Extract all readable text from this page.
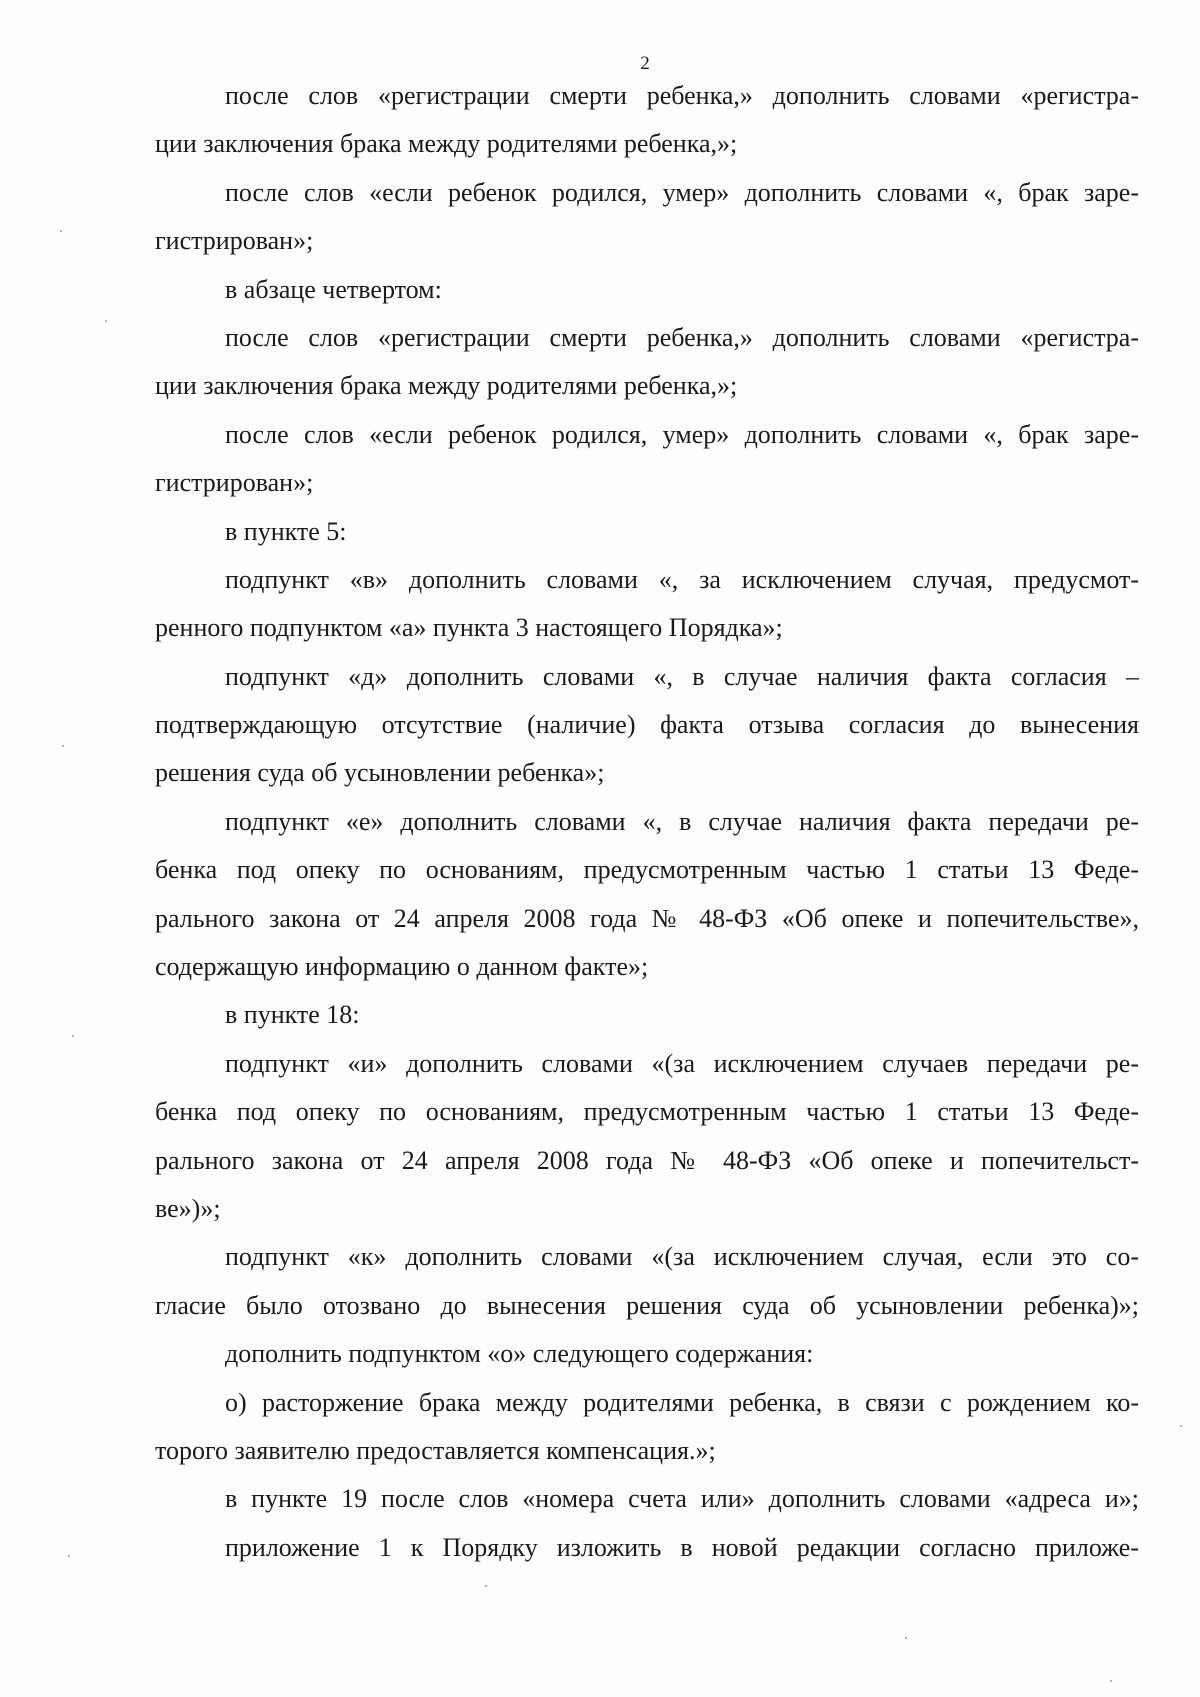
2
после слов «регистрации смерти ребенка,» дополнить словами «регистра-
ции заключения брака между родителями ребенка,»;
после слов «если ребенок родился, умер» дополнить словами «, брак заре-
гистрирован»;
в абзаце четвертом:
после слов «регистрации смерти ребенка,» дополнить словами «регистра-
ции заключения брака между родителями ребенка,»;
после слов «если ребенок родился, умер» дополнить словами «, брак заре-
гистрирован»;
в пункте 5:
подпункт «в» дополнить словами «, за исключением случая, предусмот-
ренного подпунктом «а» пункта 3 настоящего Порядка»;
подпункт «д» дополнить словами «, в случае наличия факта согласия –
подтверждающую отсутствие (наличие) факта отзыва согласия до вынесения
решения суда об усыновлении ребенка»;
подпункт «е» дополнить словами «, в случае наличия факта передачи ре-
бенка под опеку по основаниям, предусмотренным частью 1 статьи 13 Феде-
рального закона от 24 апреля 2008 года № 48-ФЗ «Об опеке и попечительстве»,
содержащую информацию о данном факте»;
в пункте 18:
подпункт «и» дополнить словами «(за исключением случаев передачи ре-
бенка под опеку по основаниям, предусмотренным частью 1 статьи 13 Феде-
рального закона от 24 апреля 2008 года № 48-ФЗ «Об опеке и попечительст-
ве»)»;
подпункт «к» дополнить словами «(за исключением случая, если это со-
гласие было отозвано до вынесения решения суда об усыновлении ребенка)»;
дополнить подпунктом «о» следующего содержания:
о) расторжение брака между родителями ребенка, в связи с рождением ко-
торого заявителю предоставляется компенсация.»;
в пункте 19 после слов «номера счета или» дополнить словами «адреса и»;
приложение 1 к Порядку изложить в новой редакции согласно приложе-
